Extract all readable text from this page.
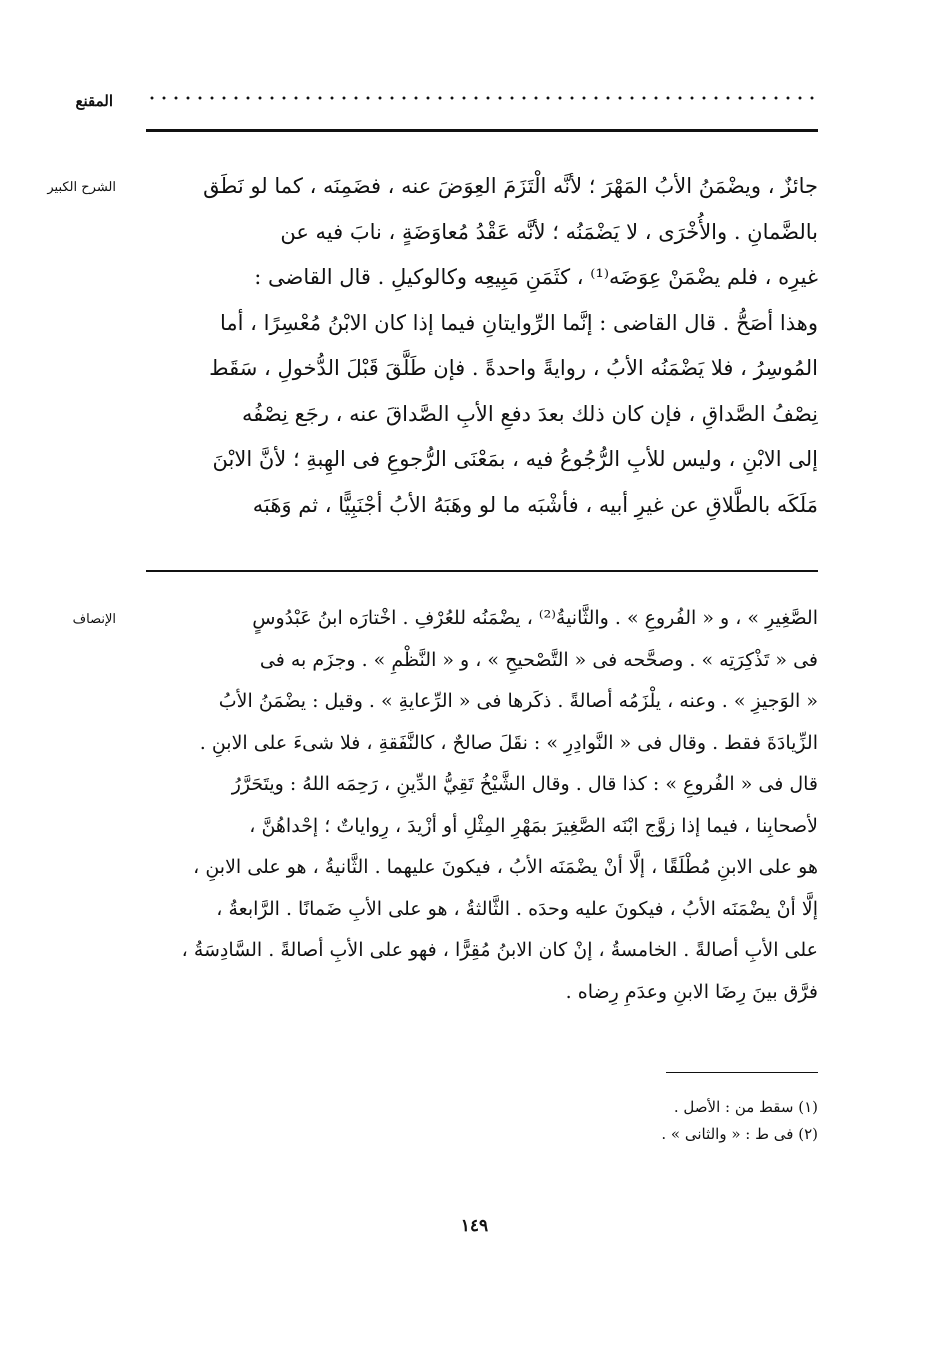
المقنع
الشرح الكبير	جائزٌ ، ويضْمَنُ الأبُ المَهْرَ ؛ لأنَّه الْتَزَمَ العِوَضَ عنه ، فضَمِنَه ، كما لو نَطَق
بالضَّمانِ . والأُخْرَى ، لا يَضْمَنُه ؛ لأنَّه عَقْدُ مُعاوَضَةٍ ، نابَ فيه عن
غيرِه ، فلم يضْمَنْ عِوَضَه⁽¹⁾ ، كثَمَنِ مَبِيعِه وكالوكيلِ . قال القاضى :
وهذا أصَحُّ . قال القاضى : إنَّما الرِّوايتانِ فيما إذا كان الابْنُ مُعْسِرًا ، أما
المُوسِرُ ، فلا يَضْمَنُه الأبُ ، روايةً واحدةً . فإن طَلَّقَ قَبْلَ الدُّخولِ ، سَقَط
نِصْفُ الصَّداقِ ، فإن كان ذلك بعدَ دفعِ الأبِ الصَّداقَ عنه ، رجَع نِصْفُه
إلى الابْنِ ، وليس للأبِ الرُّجُوعُ فيه ، بمَعْنَى الرُّجوعِ فى الهِبةِ ؛ لأنَّ الابْنَ
مَلَكَه بالطَّلاقِ عن غيرِ أبيه ، فأشْبَه ما لو وهَبَهُ الأبُ أجْنَبِيًّا ، ثم وَهَبَه
الإنصاف	الصَّغِيرِ » ، و « الفُروعِ » . والثَّانيةُ⁽²⁾ ، يضْمَنُه للعُرْفِ . اخْتارَه ابنُ عَبْدُوسٍ
فى « تَذْكِرَتِه » . وصحَّحه فى « التَّصْحيحِ » ، و « النَّظْمِ » . وجزَم به فى
« الوَجيزِ » . وعنه ، يلْزَمُه أصالةً . ذكَرها فى « الرِّعايةِ » . وقيل : يضْمَنُ الأبُ
الزِّيادَةَ فقط . وقال فى « النَّوادِرِ » : نقَلَ صالحٌ ، كالنَّفَقةِ ، فلا شىءَ على الابنِ .
قال فى « الفُروعِ » : كذا قال . وقال الشَّيْخُ تَقِيُّ الدِّينِ ، رَحِمَه اللهُ : ويتَحَرَّرُ
لأصحابِنا ، فيما إذا زوَّج ابْنَه الصَّغِيرَ بمَهْرِ المِثْلِ أو أزْيدَ ، رِواياتٌ ؛ إحْداهُنَّ ،
هو على الابنِ مُطْلَقًا ، إلَّا أنْ يضْمَنَه الأبُ ، فيكونَ عليهما . الثَّانيةُ ، هو على الابنِ ،
إلَّا أنْ يضْمَنَه الأبُ ، فيكونَ عليه وحدَه . الثَّالثةُ ، هو على الأبِ ضَمانًا . الرَّابعةُ ،
على الأبِ أصالةً . الخامسةُ ، إنْ كان الابنُ مُقِرًّا ، فهو على الأبِ أصالةً . السَّادِسَةُ ،
فرَّق بينَ رِضَا الابنِ وعدَمِ رِضاه .
(١) سقط من : الأصل .
(٢) فى ط : « والثانى » .
١٤٩
